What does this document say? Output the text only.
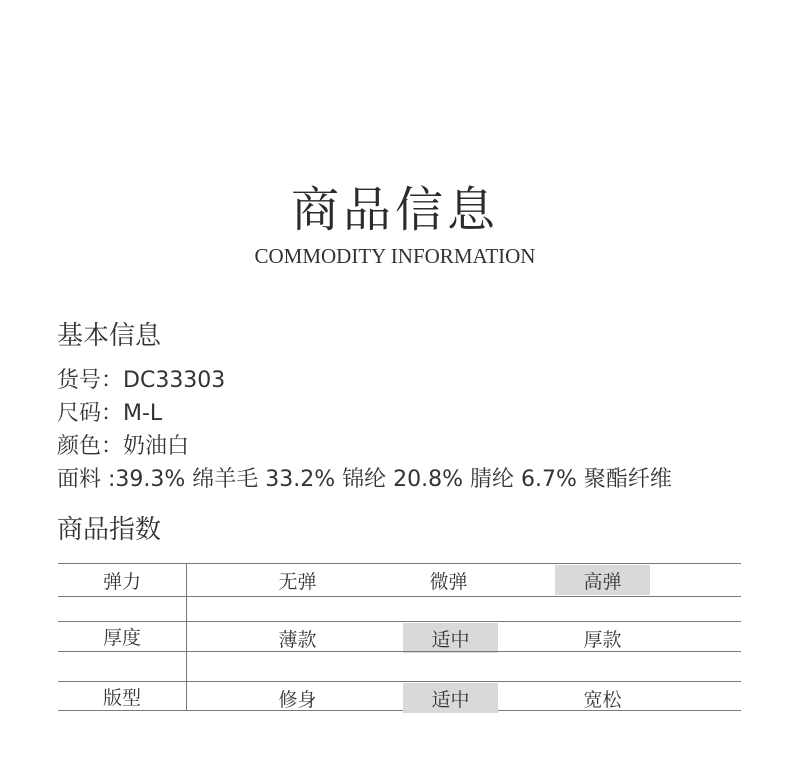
商品信息
COMMODITY INFORMATION
基本信息
货号：DC33303
尺码：M-L
颜色：奶油白
面料 :39.3% 绵羊毛 33.2% 锦纶 20.8% 腈纶 6.7% 聚酯纤维
商品指数
弹力	无弹	微弹	高弹
厚度	薄款	适中	厚款
版型	修身	适中	宽松
